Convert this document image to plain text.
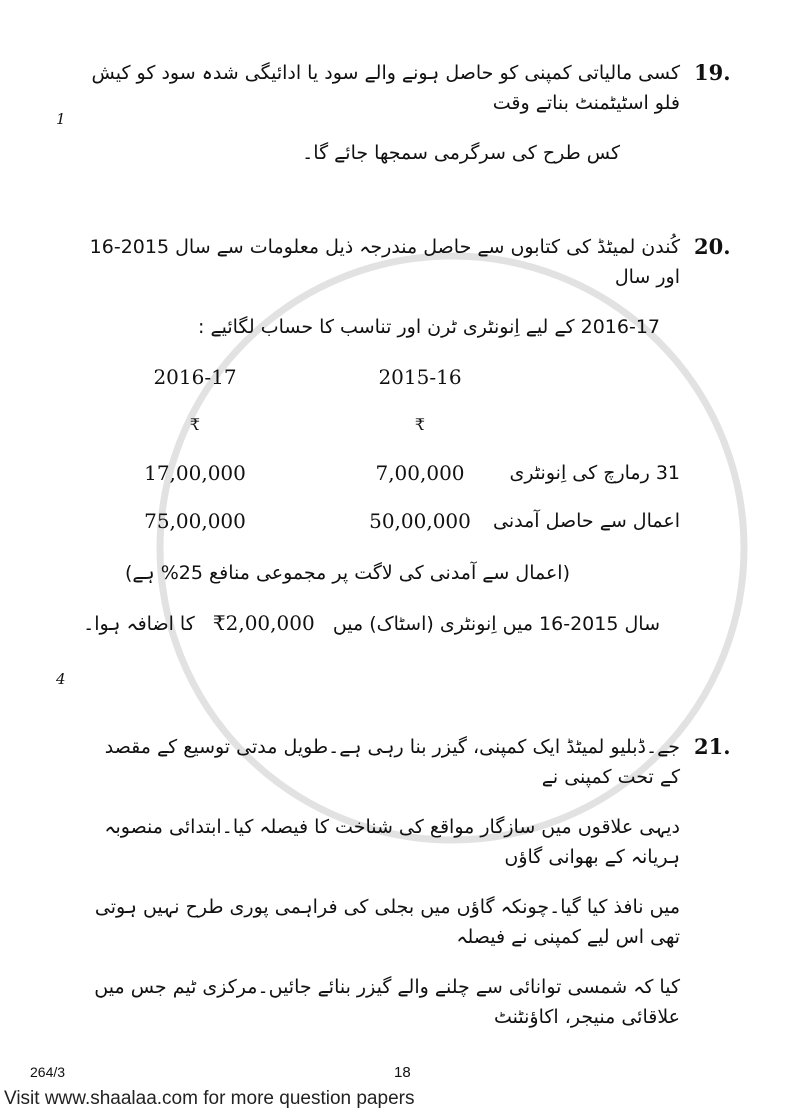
1

کسی مالیاتی کمپنی کو حاصل ہونے والے سود یا ادائیگی شدہ سود کو کیش فلو اسٹیٹمنٹ بناتے وقت

کس طرح کی سرگرمی سمجھا جائے گا۔

19.
4

کُندن لمیٹڈ کی کتابوں سے حاصل مندرجہ ذیل معلومات سے سال 2015-16 اور سال

2016-17 کے لیے اِنونٹری ٹرن اور تناسب کا حساب لگائیے :

2016-17	2015-16
₹	₹
17,00,000	7,00,000	31 رمارچ کی اِنونٹری
75,00,000	50,00,000	اعمال سے حاصل آمدنی

(اعمال سے آمدنی کی لاگت پر مجموعی منافع 25% ہے)

سال 2015-16 میں اِنونٹری (اسٹاک) میں   ₹2,00,000   کا اضافہ ہوا۔

20.

جے۔ڈبلیو لمیٹڈ ایک کمپنی، گیزر بنا رہی ہے۔طویل مدتی توسیع کے مقصد کے تحت کمپنی نے

دیہی علاقوں میں سازگار مواقع کی شناخت کا فیصلہ کیا۔ابتدائی منصوبہ ہریانہ کے بھوانی گاؤں

میں نافذ کیا گیا۔چونکہ گاؤں میں بجلی کی فراہمی پوری طرح نہیں ہوتی تھی اس لیے کمپنی نے فیصلہ

کیا کہ شمسی توانائی سے چلنے والے گیزر بنائے جائیں۔مرکزی ٹیم جس میں علاقائی منیجر، اکاؤنٹنٹ

21.
264/3	18
Visit www.shaalaa.com for more question papers
